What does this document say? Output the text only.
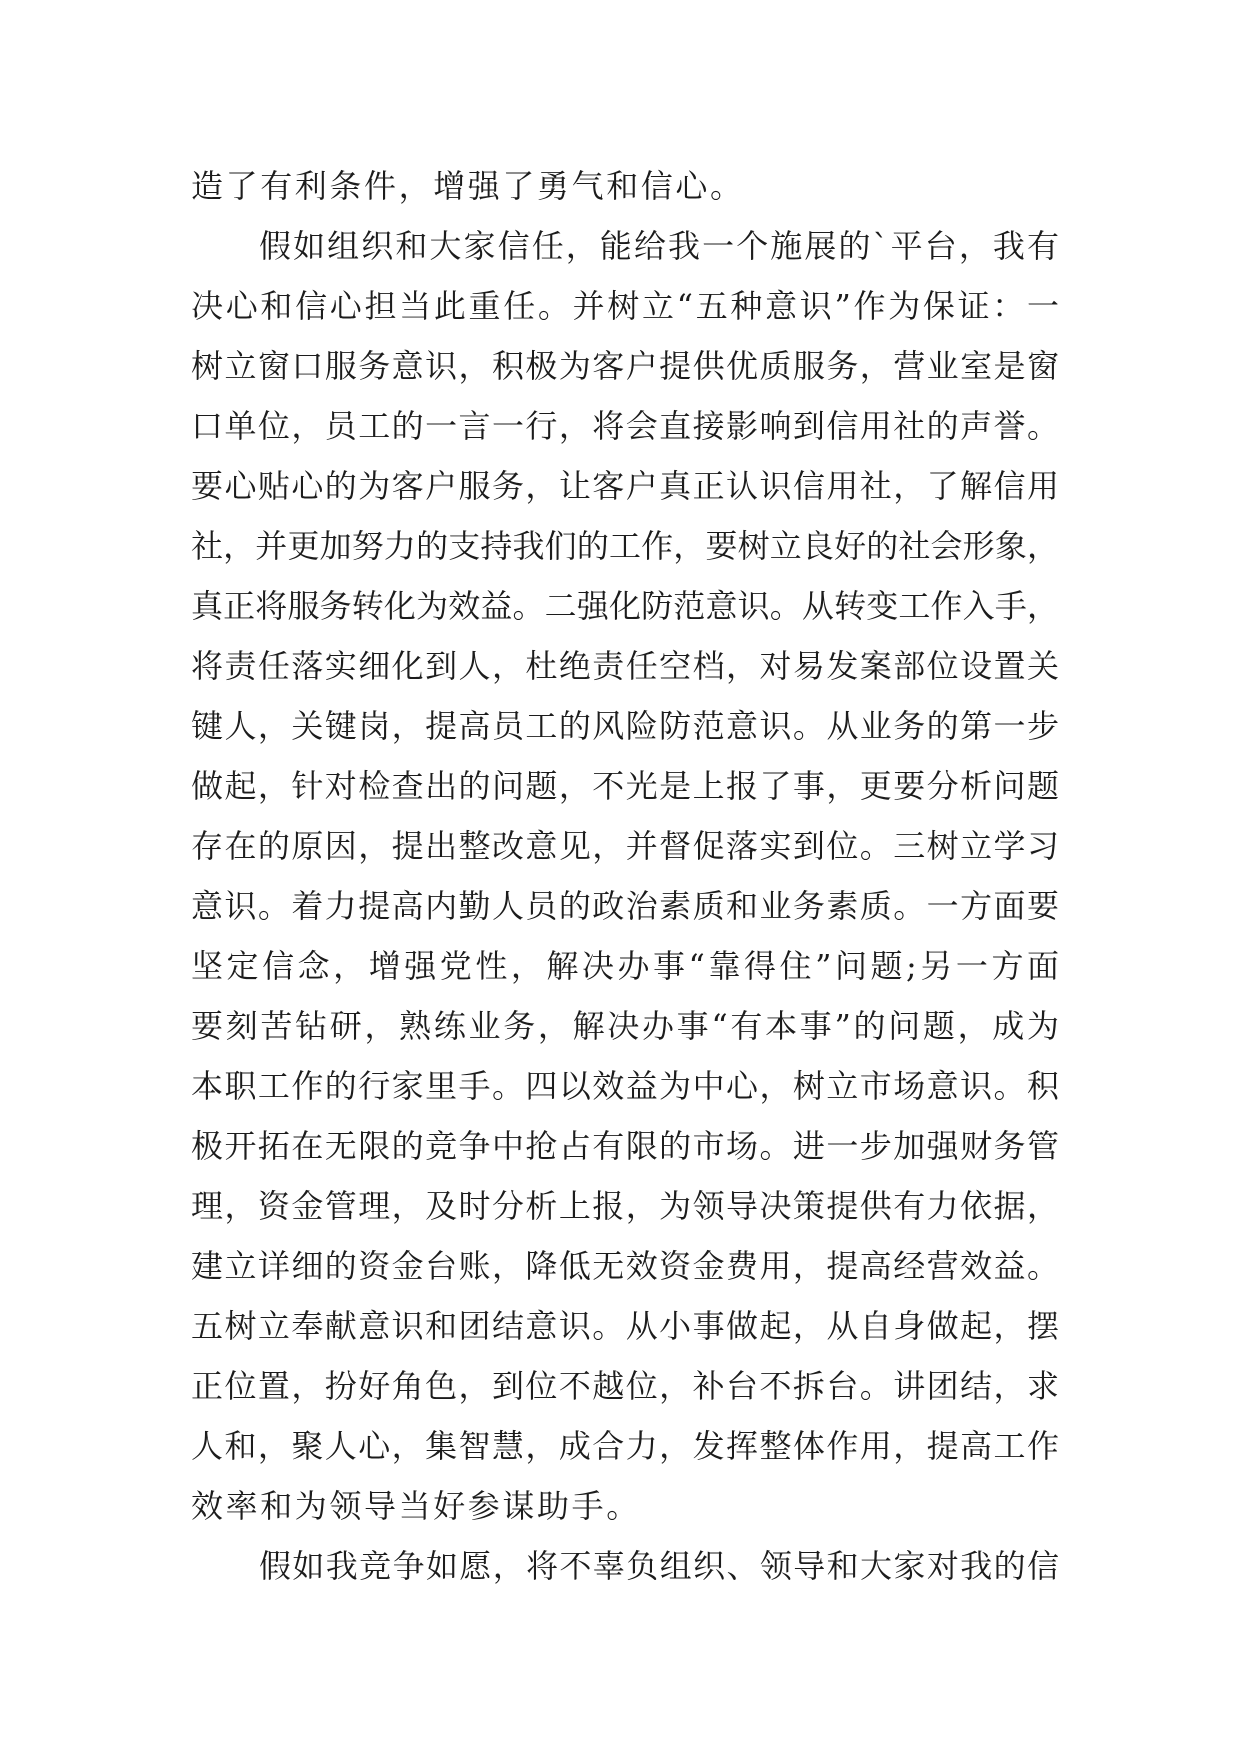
造了有利条件，增强了勇气和信心。
假如组织和大家信任，能给我一个施展的`平台，我有
决心和信心担当此重任。并树立“五种意识”作为保证：一
树立窗口服务意识，积极为客户提供优质服务，营业室是窗
口单位，员工的一言一行，将会直接影响到信用社的声誉。
要心贴心的为客户服务，让客户真正认识信用社，了解信用
社，并更加努力的支持我们的工作，要树立良好的社会形象，
真正将服务转化为效益。二强化防范意识。从转变工作入手，
将责任落实细化到人，杜绝责任空档，对易发案部位设置关
键人，关键岗，提高员工的风险防范意识。从业务的第一步
做起，针对检查出的问题，不光是上报了事，更要分析问题
存在的原因，提出整改意见，并督促落实到位。三树立学习
意识。着力提高内勤人员的政治素质和业务素质。一方面要
坚定信念，增强党性，解决办事“靠得住”问题;另一方面
要刻苦钻研，熟练业务，解决办事“有本事”的问题，成为
本职工作的行家里手。四以效益为中心，树立市场意识。积
极开拓在无限的竞争中抢占有限的市场。进一步加强财务管
理，资金管理，及时分析上报，为领导决策提供有力依据，
建立详细的资金台账，降低无效资金费用，提高经营效益。
五树立奉献意识和团结意识。从小事做起，从自身做起，摆
正位置，扮好角色，到位不越位，补台不拆台。讲团结，求
人和，聚人心，集智慧，成合力，发挥整体作用，提高工作
效率和为领导当好参谋助手。
假如我竞争如愿，将不辜负组织、领导和大家对我的信
